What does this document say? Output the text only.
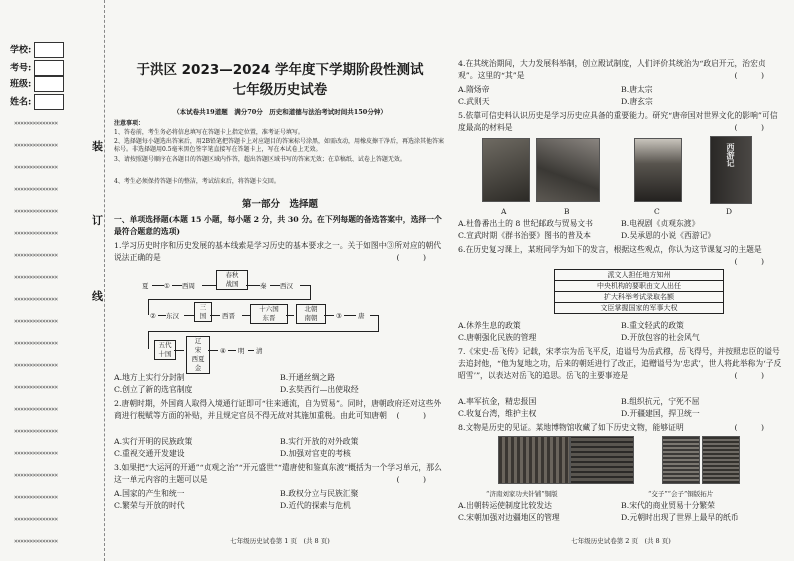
学校:
考号:
班级:
姓名:
装
订
线
××××××××××××××
××××××××××××××
××××××××××××××
××××××××××××××
××××××××××××××
××××××××××××××
××××××××××××××
××××××××××××××
××××××××××××××
××××××××××××××
××××××××××××××
××××××××××××××
××××××××××××××
××××××××××××××
××××××××××××××
××××××××××××××
××××××××××××××
××××××××××××××
××××××××××××××
××××××××××××××
于洪区 2023—2024 学年度下学期阶段性测试
七年级历史试卷
（本试卷共19道题　满分70分　历史和道德与法治考试时间共150分钟）
注意事项：
1、答卷前，考生务必将信息填写在答题卡上指定位置，准考证号填写。
2、选择题每小题选出答案后，用2B铅笔把答题卡上对应题目的答案标号涂黑，如需改动，用橡皮擦干净后，再选涂其他答案标号。非选择题用0.5毫米黑色签字笔直接写在答题卡上，写在本试卷上无效。
3、请按照题号顺序在各题目的答题区域内作答，超出答题区域书写的答案无效；在草稿纸、试卷上答题无效。
4、考生必须保持答题卡的整洁，考试结束后，将答题卡交回。
第一部分　选择题
一、单项选择题(本题 15 小题，每小题 2 分，共 30 分。在下列每题的备选答案中，选择一个最符合题意的选项)
1.学习历史时序和历史发展的基本线索是学习历史的基本要求之一。关于如图中③所对应的朝代说法正确的是	(　　　)
夏 ① 西周
春秋
战国	秦 西汉
② 东汉
三国	西晋
十六国
东晋
北朝
南朝	③ 唐
五代十国
辽
宋
西夏
金
④ 明 清
A.地方上实行分封制	B.开通丝绸之路
C.创立了新的选官制度	D.玄奘西行—出使取经
2.唐朝时期，外国商人取得入境通行证即可“往来通流，自为贸易”。同时，唐朝政府还对这些外商进行税赋等方面的补贴，并且规定官员不得无故对其施加重税。由此可知唐朝 (　　　)
A.实行开明的民族政策	B.实行开放的对外政策
C.重视交通开发建设	D.加强对官吏的考核
3.如果把“大运河的开通”“贞观之治”“开元盛世”“遣唐使和鉴真东渡”概括为一个学习单元，那么这一单元内容的主题可以是	(　　　)
A.国家的产生和统一	B.政权分立与民族汇聚
C.繁荣与开放的时代	D.近代的探索与危机
七年级历史试卷第 1 页　(共 8 页)
4.在其统治期间，大力发展科举制，创立殿试制度，人们评价其统治为“政启开元，治宏贞观”。这里的“其”是	(　　　)
A.隋炀帝	B.唐太宗
C.武则天	D.唐玄宗
5.依靠可信史料认识历史是学习历史应具备的重要能力。研究“唐帝国对世界文化的影响”可信度最高的材料是	(　　　)
西游记
A	B	C	D
A.杜鲁番出土的 8 世纪邮政与贸易文书	B.电视剧《贞观东渡》
C.宣武时期《群书治要》图书的普及本	D.吴承恩的小说《西游记》
6.在历史复习课上，某班同学为如下的发言，根据这些观点，你认为这节课复习的主题是
(　　　)
派文人担任地方知州
中央机构的要职由文人出任
扩大科举考试录取名额
文臣掌握国家的军事大权
A.休养生息的政策	B.重文轻武的政策
C.唐朝强化民族的管理	D.开放包容的社会风气
7.《宋史·岳飞传》记载，宋孝宗为岳飞平反，追谥号为岳武穆，岳飞得号，并按照忠臣的谥号去追封他，“他为复地之功，后来的朝廷进行了改正，追赠谥号为‘忠武’，世人将此举称为‘子反昭雪’”，以表达对岳飞的追思。岳飞的主要事迹是	(　　　)
A.率军抗金，精忠报国	B.组织抗元，宁死不屈
C.收复台湾，维护主权	D.开疆建国，捍卫统一
8.文物是历史的见证。某地博物馆收藏了如下历史文物，能够证明	(　　　)
“济南刘家功夫针铺”铜版	“交子”“会子”铜版拓片
A.出朝转运使制度比较发达	B.宋代的商业贸易十分繁荣
C.宋朝加强对边疆地区的管理	D.元朝时出现了世界上最早的纸币
七年级历史试卷第 2 页　(共 8 页)
